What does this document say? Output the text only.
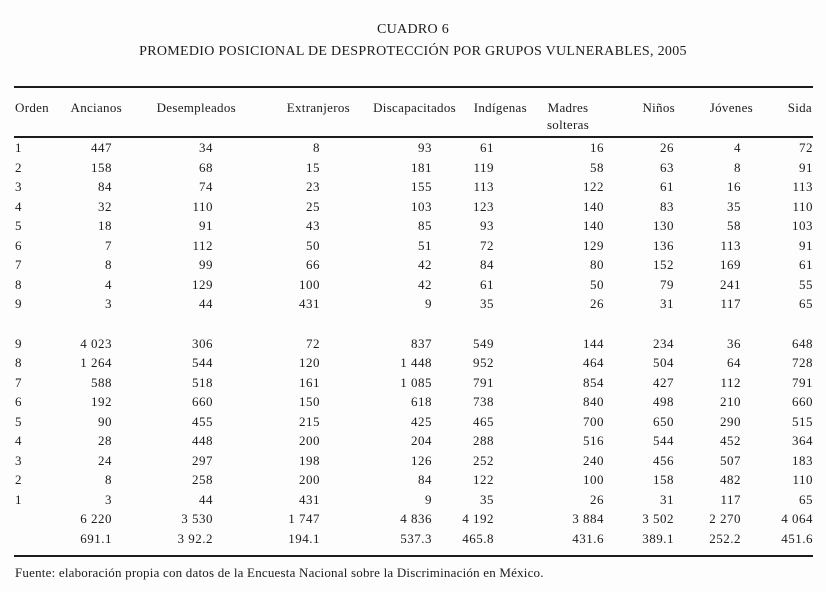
CUADRO 6
PROMEDIO POSICIONAL DE DESPROTECCIÓN POR GRUPOS VULNERABLES, 2005
Orden	Ancianos	Desempleados	Extranjeros	Discapacitados	Indígenas	Madres solteras	Niños	Jóvenes	Sida
1	447	34	8	93	61	16	26	4	72
2	158	68	15	181	119	58	63	8	91
3	84	74	23	155	113	122	61	16	113
4	32	110	25	103	123	140	83	35	110
5	18	91	43	85	93	140	130	58	103
6	7	112	50	51	72	129	136	113	91
7	8	99	66	42	84	80	152	169	61
8	4	129	100	42	61	50	79	241	55
9	3	44	431	9	35	26	31	117	65

9	4 023	306	72	837	549	144	234	36	648
8	1 264	544	120	1 448	952	464	504	64	728
7	588	518	161	1 085	791	854	427	112	791
6	192	660	150	618	738	840	498	210	660
5	90	455	215	425	465	700	650	290	515
4	28	448	200	204	288	516	544	452	364
3	24	297	198	126	252	240	456	507	183
2	8	258	200	84	122	100	158	482	110
1	3	44	431	9	35	26	31	117	65
	6 220	3 530	1 747	4 836	4 192	3 884	3 502	2 270	4 064
	691.1	3 92.2	194.1	537.3	465.8	431.6	389.1	252.2	451.6
Fuente: elaboración propia con datos de la Encuesta Nacional sobre la Discriminación en México.
